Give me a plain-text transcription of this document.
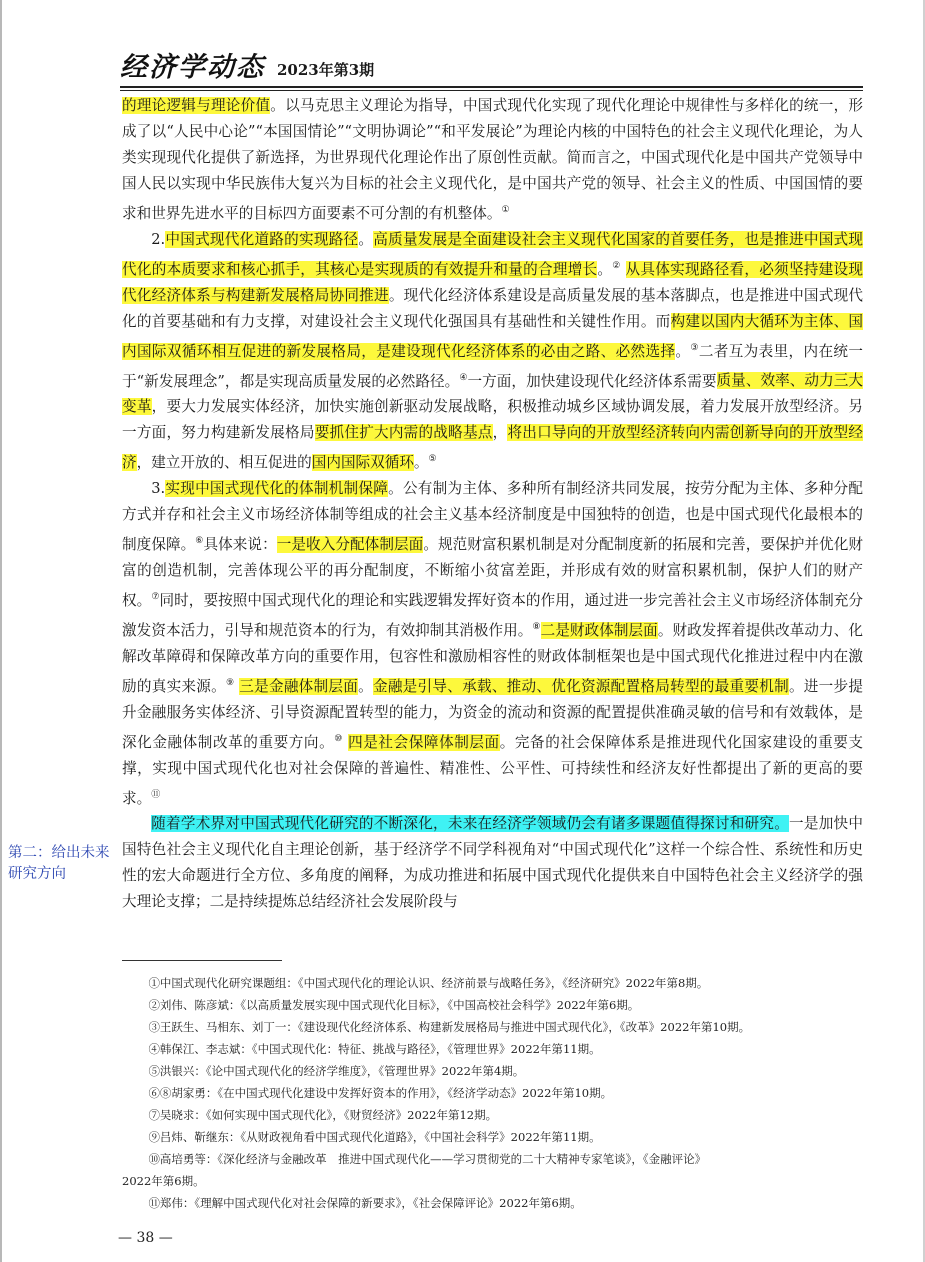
经济学动态 2023年第3期

的理论逻辑与理论价值。以马克思主义理论为指导，中国式现代化实现了现代化理论中规律性与多样化的统一，形成了以“人民中心论”“本国国情论”“文明协调论”“和平发展论”为理论内核的中国特色的社会主义现代化理论，为人类实现现代化提供了新选择，为世界现代化理论作出了原创性贡献。简而言之，中国式现代化是中国共产党领导中国人民以实现中华民族伟大复兴为目标的社会主义现代化，是中国共产党的领导、社会主义的性质、中国国情的要求和世界先进水平的目标四方面要素不可分割的有机整体。①

2.中国式现代化道路的实现路径。高质量发展是全面建设社会主义现代化国家的首要任务，也是推进中国式现代化的本质要求和核心抓手，其核心是实现质的有效提升和量的合理增长。② 从具体实现路径看，必须坚持建设现代化经济体系与构建新发展格局协同推进。现代化经济体系建设是高质量发展的基本落脚点，也是推进中国式现代化的首要基础和有力支撑，对建设社会主义现代化强国具有基础性和关键性作用。而构建以国内大循环为主体、国内国际双循环相互促进的新发展格局，是建设现代化经济体系的必由之路、必然选择。③二者互为表里，内在统一于“新发展理念”，都是实现高质量发展的必然路径。④一方面，加快建设现代化经济体系需要质量、效率、动力三大变革，要大力发展实体经济，加快实施创新驱动发展战略，积极推动城乡区域协调发展，着力发展开放型经济。另一方面，努力构建新发展格局要抓住扩大内需的战略基点，将出口导向的开放型经济转向内需创新导向的开放型经济，建立开放的、相互促进的国内国际双循环。⑤

3.实现中国式现代化的体制机制保障。公有制为主体、多种所有制经济共同发展，按劳分配为主体、多种分配方式并存和社会主义市场经济体制等组成的社会主义基本经济制度是中国独特的创造，也是中国式现代化最根本的制度保障。⑥具体来说：一是收入分配体制层面。规范财富积累机制是对分配制度新的拓展和完善，要保护并优化财富的创造机制，完善体现公平的再分配制度，不断缩小贫富差距，并形成有效的财富积累机制，保护人们的财产权。⑦同时，要按照中国式现代化的理论和实践逻辑发挥好资本的作用，通过进一步完善社会主义市场经济体制充分激发资本活力，引导和规范资本的行为，有效抑制其消极作用。⑧二是财政体制层面。财政发挥着提供改革动力、化解改革障碍和保障改革方向的重要作用，包容性和激励相容性的财政体制框架也是中国式现代化推进过程中内在激励的真实来源。⑨ 三是金融体制层面。金融是引导、承载、推动、优化资源配置格局转型的最重要机制。进一步提升金融服务实体经济、引导资源配置转型的能力，为资金的流动和资源的配置提供准确灵敏的信号和有效载体，是深化金融体制改革的重要方向。⑩ 四是社会保障体制层面。完备的社会保障体系是推进现代化国家建设的重要支撑，实现中国式现代化也对社会保障的普遍性、精准性、公平性、可持续性和经济友好性都提出了新的更高的要求。⑪

随着学术界对中国式现代化研究的不断深化，未来在经济学领域仍会有诸多课题值得探讨和研究。一是加快中国特色社会主义现代化自主理论创新，基于经济学不同学科视角对“中国式现代化”这样一个综合性、系统性和历史性的宏大命题进行全方位、多角度的阐释，为成功推进和拓展中国式现代化提供来自中国特色社会主义经济学的强大理论支撑；二是持续提炼总结经济社会发展阶段与

第二：给出未来研究方向

①中国式现代化研究课题组：《中国式现代化的理论认识、经济前景与战略任务》，《经济研究》2022年第8期。

②刘伟、陈彦斌：《以高质量发展实现中国式现代化目标》，《中国高校社会科学》2022年第6期。

③王跃生、马相东、刘丁一：《建设现代化经济体系、构建新发展格局与推进中国式现代化》，《改革》2022年第10期。

④韩保江、李志斌：《中国式现代化：特征、挑战与路径》，《管理世界》2022年第11期。

⑤洪银兴：《论中国式现代化的经济学维度》，《管理世界》2022年第4期。

⑥⑧胡家勇：《在中国式现代化建设中发挥好资本的作用》，《经济学动态》2022年第10期。

⑦吴晓求：《如何实现中国式现代化》，《财贸经济》2022年第12期。

⑨吕炜、靳继东：《从财政视角看中国式现代化道路》，《中国社会科学》2022年第11期。

⑩高培勇等：《深化经济与金融改革　推进中国式现代化——学习贯彻党的二十大精神专家笔谈》，《金融评论》

2022年第6期。

⑪郑伟：《理解中国式现代化对社会保障的新要求》，《社会保障评论》2022年第6期。

— 38 —
